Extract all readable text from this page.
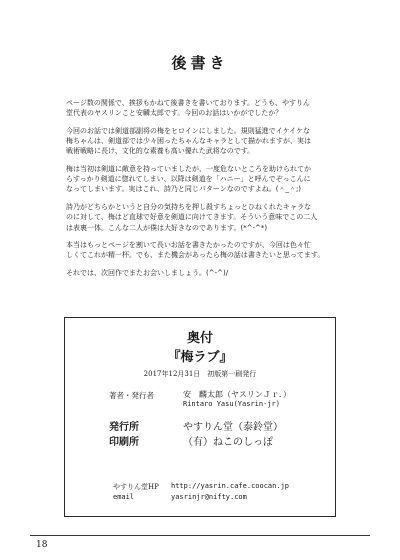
後書き
ページ数の関係で、挨拶もかねて後書きを書いております。どうも、やすりん
堂代表のヤスリンこと安麟太郎です。今回のお話はいかがでしたか？
今回のお話では剣道部副将の梅をヒロインにしました。規則猛進でイケイケな
梅ちゃんは、剣道部では少々困ったちゃんなキャラとして描かれますが、実は
戦術戦略に長け、文化的な素養も高い優れた武将なのです。
梅は当初は剣道に敵意を持っていましたが、一度危ないところを助けられてか
らすっかり剣道に惚れてしまい、以降は剣道を「ハニー」と呼んでぞっこんに
なってしまいます。実はこれ、詩乃と同じパターンなのですよね。(＾_＾;)
詩乃がどちらかというと自分の気持ちを押し殺すちょっとひねくれたキャラな
のに対して、梅はど直球で好意を剣道に向けてきます。そういう意味でこの二人
は表裏一体。こんな二人が僕は大好きなのであります。(*^-^*)
本当はもっとページを割いて長いお話を書きたかったのですが、今回は色々忙
しくてこれが精一杯。でも、また機会があったら梅の話は書きたいと思ってます。
それでは、次回作でまたお会いしましょう。(^-^)/
奥付
『梅ラブ』
2017年12月31日　初版第一刷発行
著者・発行者	安　麟太郎（ヤスリンＪｒ．）
Rintaro Yasu(Yasrin-jr)
発行所	やすりん堂（泰鈴堂）
印刷所	（有）ねこのしっぽ
やすりん堂HP http://yasrin.cafe.coocan.jp
email	yasrinjr@nifty.com
18
